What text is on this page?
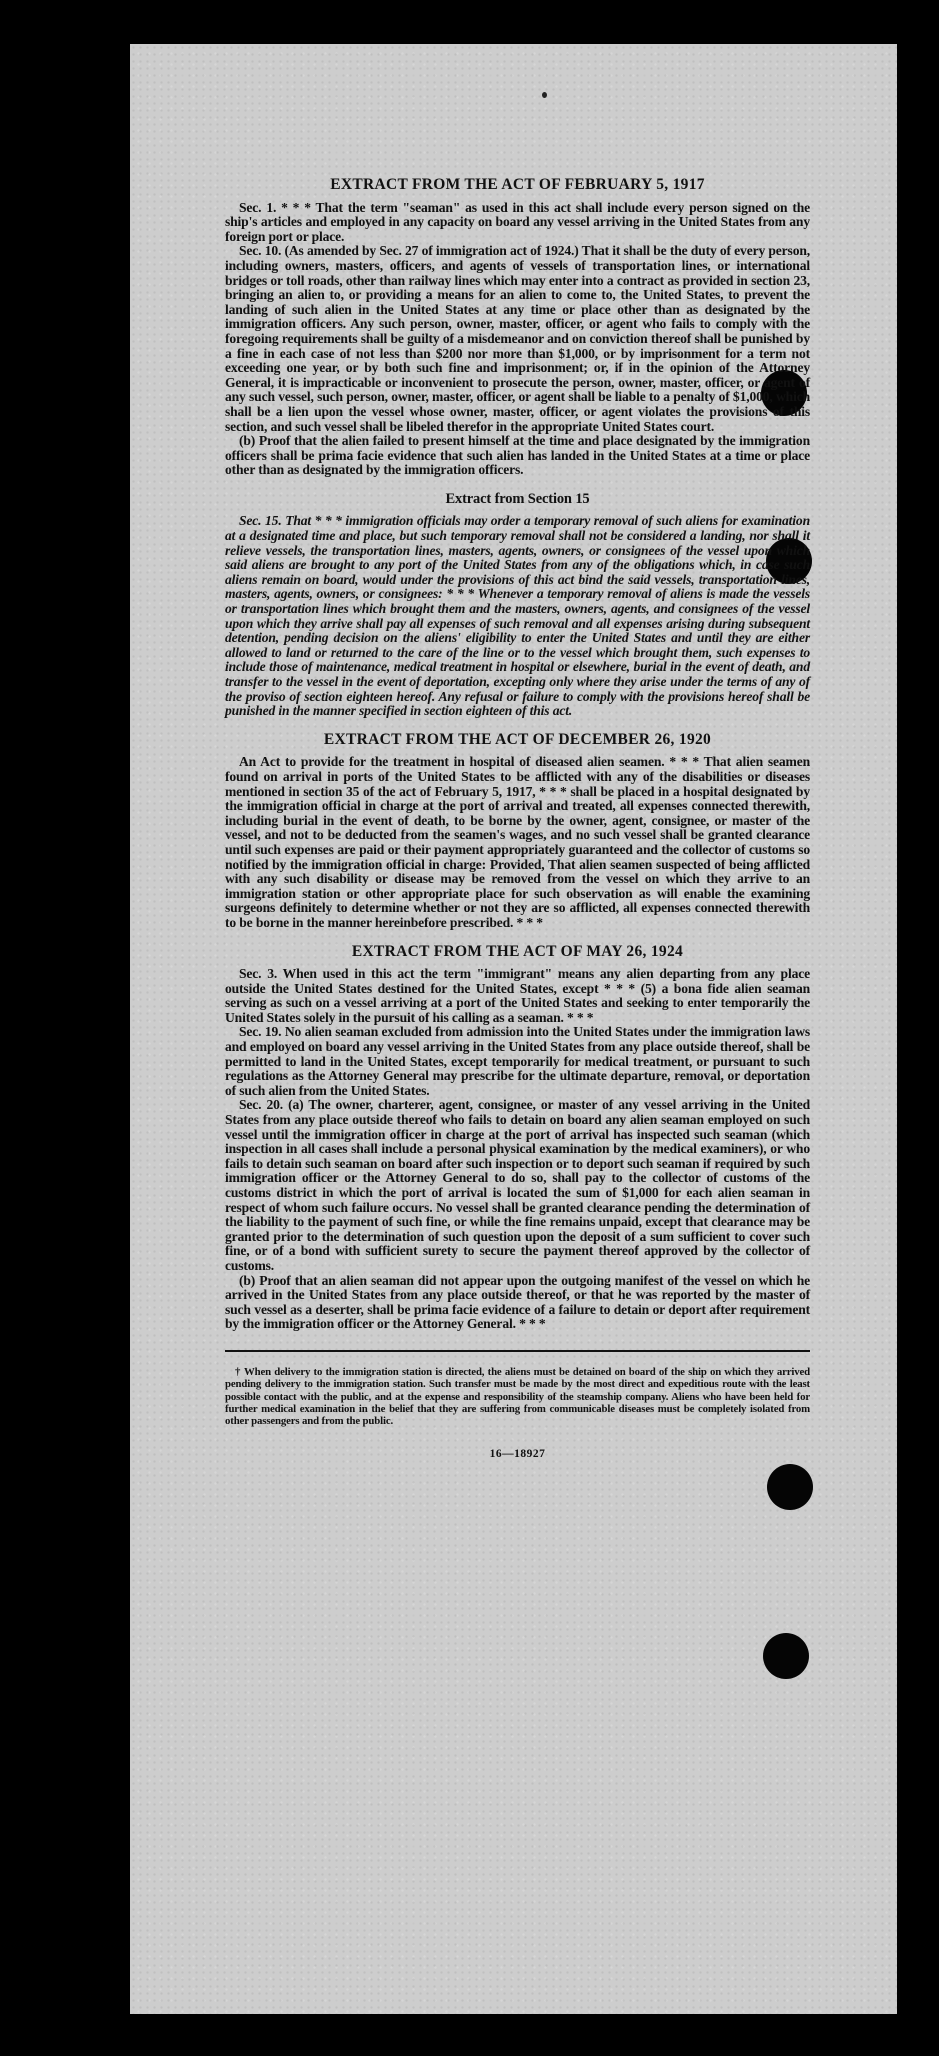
EXTRACT FROM THE ACT OF FEBRUARY 5, 1917

Sec. 1. * * * That the term "seaman" as used in this act shall include every person signed on the ship's articles and employed in any capacity on board any vessel arriving in the United States from any foreign port or place.

Sec. 10. (As amended by Sec. 27 of immigration act of 1924.) That it shall be the duty of every person, including owners, masters, officers, and agents of vessels of transportation lines, or international bridges or toll roads, other than railway lines which may enter into a contract as provided in section 23, bringing an alien to, or providing a means for an alien to come to, the United States, to prevent the landing of such alien in the United States at any time or place other than as designated by the immigration officers. Any such person, owner, master, officer, or agent who fails to comply with the foregoing requirements shall be guilty of a misdemeanor and on conviction thereof shall be punished by a fine in each case of not less than $200 nor more than $1,000, or by imprisonment for a term not exceeding one year, or by both such fine and imprisonment; or, if in the opinion of the Attorney General, it is impracticable or inconvenient to prosecute the person, owner, master, officer, or agent of any such vessel, such person, owner, master, officer, or agent shall be liable to a penalty of $1,000, which shall be a lien upon the vessel whose owner, master, officer, or agent violates the provisions of this section, and such vessel shall be libeled therefor in the appropriate United States court.

(b) Proof that the alien failed to present himself at the time and place designated by the immigration officers shall be prima facie evidence that such alien has landed in the United States at a time or place other than as designated by the immigration officers.

Extract from Section 15

Sec. 15. That * * * immigration officials may order a temporary removal of such aliens for examination at a designated time and place, but such temporary removal shall not be considered a landing, nor shall it relieve vessels, the transportation lines, masters, agents, owners, or consignees of the vessel upon which said aliens are brought to any port of the United States from any of the obligations which, in case such aliens remain on board, would under the provisions of this act bind the said vessels, transportation lines, masters, agents, owners, or consignees: * * * Whenever a temporary removal of aliens is made the vessels or transportation lines which brought them and the masters, owners, agents, and consignees of the vessel upon which they arrive shall pay all expenses of such removal and all expenses arising during subsequent detention, pending decision on the aliens' eligibility to enter the United States and until they are either allowed to land or returned to the care of the line or to the vessel which brought them, such expenses to include those of maintenance, medical treatment in hospital or elsewhere, burial in the event of death, and transfer to the vessel in the event of deportation, excepting only where they arise under the terms of any of the proviso of section eighteen hereof. Any refusal or failure to comply with the provisions hereof shall be punished in the manner specified in section eighteen of this act.

EXTRACT FROM THE ACT OF DECEMBER 26, 1920

An Act to provide for the treatment in hospital of diseased alien seamen. * * * That alien seamen found on arrival in ports of the United States to be afflicted with any of the disabilities or diseases mentioned in section 35 of the act of February 5, 1917, * * * shall be placed in a hospital designated by the immigration official in charge at the port of arrival and treated, all expenses connected therewith, including burial in the event of death, to be borne by the owner, agent, consignee, or master of the vessel, and not to be deducted from the seamen's wages, and no such vessel shall be granted clearance until such expenses are paid or their payment appropriately guaranteed and the collector of customs so notified by the immigration official in charge: Provided, That alien seamen suspected of being afflicted with any such disability or disease may be removed from the vessel on which they arrive to an immigration station or other appropriate place for such observation as will enable the examining surgeons definitely to determine whether or not they are so afflicted, all expenses connected therewith to be borne in the manner hereinbefore prescribed. * * *

EXTRACT FROM THE ACT OF MAY 26, 1924

Sec. 3. When used in this act the term "immigrant" means any alien departing from any place outside the United States destined for the United States, except * * * (5) a bona fide alien seaman serving as such on a vessel arriving at a port of the United States and seeking to enter temporarily the United States solely in the pursuit of his calling as a seaman. * * *

Sec. 19. No alien seaman excluded from admission into the United States under the immigration laws and employed on board any vessel arriving in the United States from any place outside thereof, shall be permitted to land in the United States, except temporarily for medical treatment, or pursuant to such regulations as the Attorney General may prescribe for the ultimate departure, removal, or deportation of such alien from the United States.

Sec. 20. (a) The owner, charterer, agent, consignee, or master of any vessel arriving in the United States from any place outside thereof who fails to detain on board any alien seaman employed on such vessel until the immigration officer in charge at the port of arrival has inspected such seaman (which inspection in all cases shall include a personal physical examination by the medical examiners), or who fails to detain such seaman on board after such inspection or to deport such seaman if required by such immigration officer or the Attorney General to do so, shall pay to the collector of customs of the customs district in which the port of arrival is located the sum of $1,000 for each alien seaman in respect of whom such failure occurs. No vessel shall be granted clearance pending the determination of the liability to the payment of such fine, or while the fine remains unpaid, except that clearance may be granted prior to the determination of such question upon the deposit of a sum sufficient to cover such fine, or of a bond with sufficient surety to secure the payment thereof approved by the collector of customs.

(b) Proof that an alien seaman did not appear upon the outgoing manifest of the vessel on which he arrived in the United States from any place outside thereof, or that he was reported by the master of such vessel as a deserter, shall be prima facie evidence of a failure to detain or deport after requirement by the immigration officer or the Attorney General. * * *

† When delivery to the immigration station is directed, the aliens must be detained on board of the ship on which they arrived pending delivery to the immigration station. Such transfer must be made by the most direct and expeditious route with the least possible contact with the public, and at the expense and responsibility of the steamship company. Aliens who have been held for further medical examination in the belief that they are suffering from communicable diseases must be completely isolated from other passengers and from the public.

16—18927
